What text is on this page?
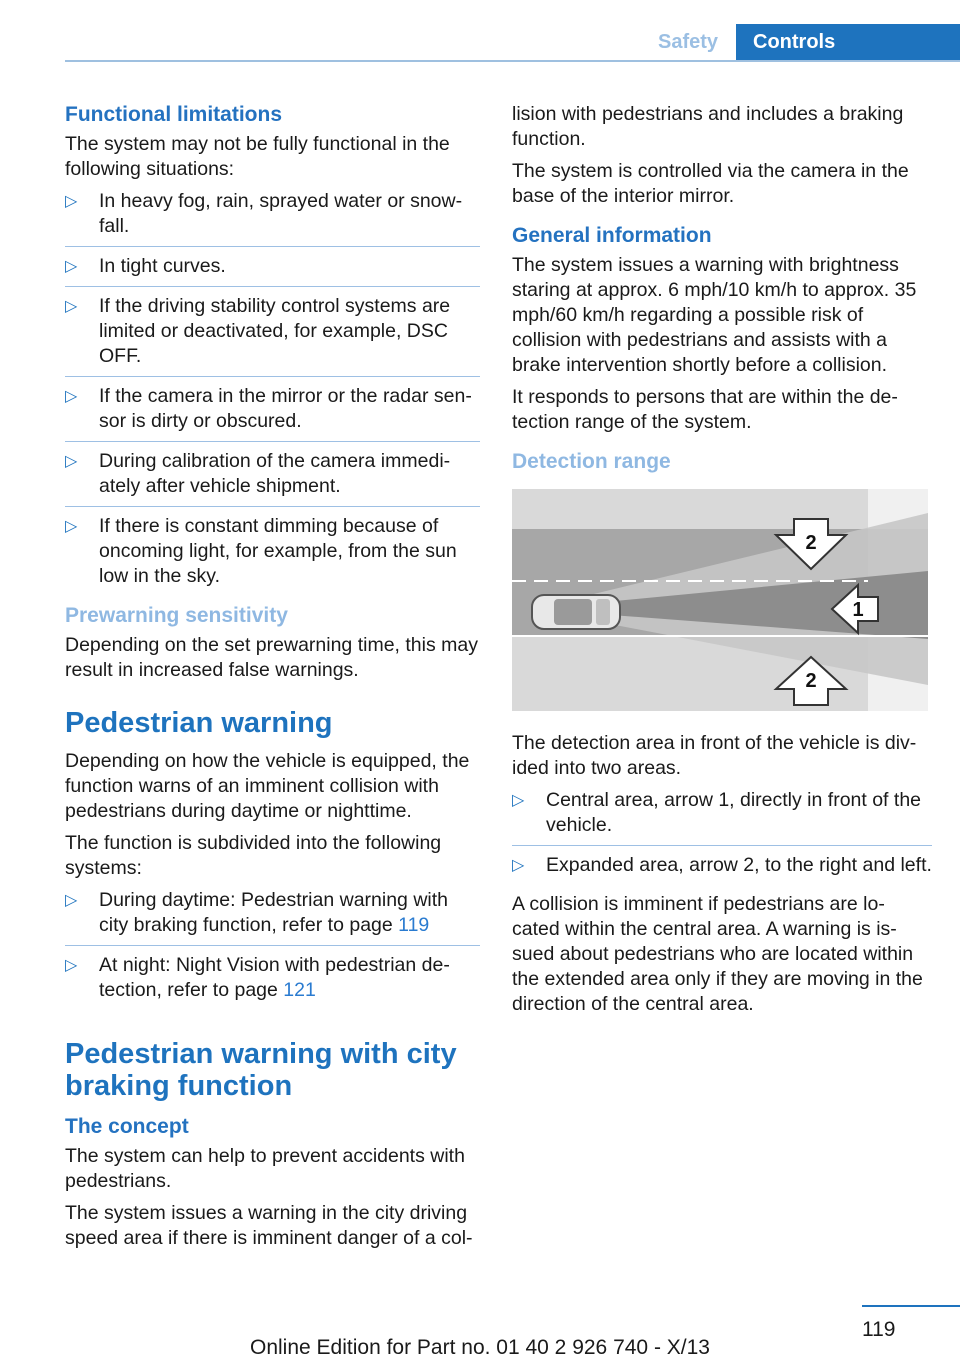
Safety	Controls
Functional limitations

The system may not be fully functional in the following situations:

▷ In heavy fog, rain, sprayed water or snow-fall.
▷ In tight curves.
▷ If the driving stability control systems are limited or deactivated, for example, DSC OFF.
▷ If the camera in the mirror or the radar sen-sor is dirty or obscured.
▷ During calibration of the camera immedi-ately after vehicle shipment.
▷ If there is constant dimming because of oncoming light, for example, from the sun low in the sky.
Prewarning sensitivity

Depending on the set prewarning time, this may result in increased false warnings.

Pedestrian warning

Depending on how the vehicle is equipped, the function warns of an imminent collision with pedestrians during daytime or nighttime.

The function is subdivided into the following systems:

▷ During daytime: Pedestrian warning with city braking function, refer to page 119
▷ At night: Night Vision with pedestrian de-tection, refer to page 121
Pedestrian warning with city braking function
The concept

The system can help to prevent accidents with pedestrians.

The system issues a warning in the city driving speed area if there is imminent danger of a col-

lision with pedestrians and includes a braking function.

The system is controlled via the camera in the base of the interior mirror.

General information

The system issues a warning with brightness staring at approx. 6 mph/10 km/h to approx. 35 mph/60 km/h regarding a possible risk of collision with pedestrians and assists with a brake intervention shortly before a collision.

It responds to persons that are within the de-tection range of the system.

Detection range
2
1
2

The detection area in front of the vehicle is div-ided into two areas.

▷ Central area, arrow 1, directly in front of the vehicle.
▷ Expanded area, arrow 2, to the right and left.

A collision is imminent if pedestrians are lo-cated within the central area. A warning is is-sued about pedestrians who are located within the extended area only if they are moving in the direction of the central area.

119
Online Edition for Part no. 01 40 2 926 740 - X/13
